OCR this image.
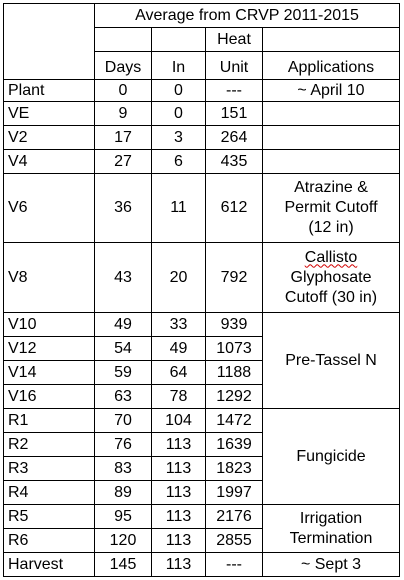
	Average from CRVP 2011-2015			
			Heat	
	Days	In	Unit	Applications
Plant	0	0	---	~ April 10
VE	9	0	151	
V2	17	3	264	
V4	27	6	435	
V6	36	11	612	Atrazine &
Permit Cutoff
(12 in)

V8	43	20	792	Callisto
Glyphosate
Cutoff (30 in)

V10	49	33	939	Pre-Tassel N
V12	54	49	1073	
V14	59	64	1188	
V16	63	78	1292	
R1	70	104	1472	Fungicide
R2	76	113	1639	
R3	83	113	1823	
R4	89	113	1997	
R5	95	113	2176	Irrigation
Termination

R6	120	113	2855	
Harvest	145	113	---	~ Sept 3
